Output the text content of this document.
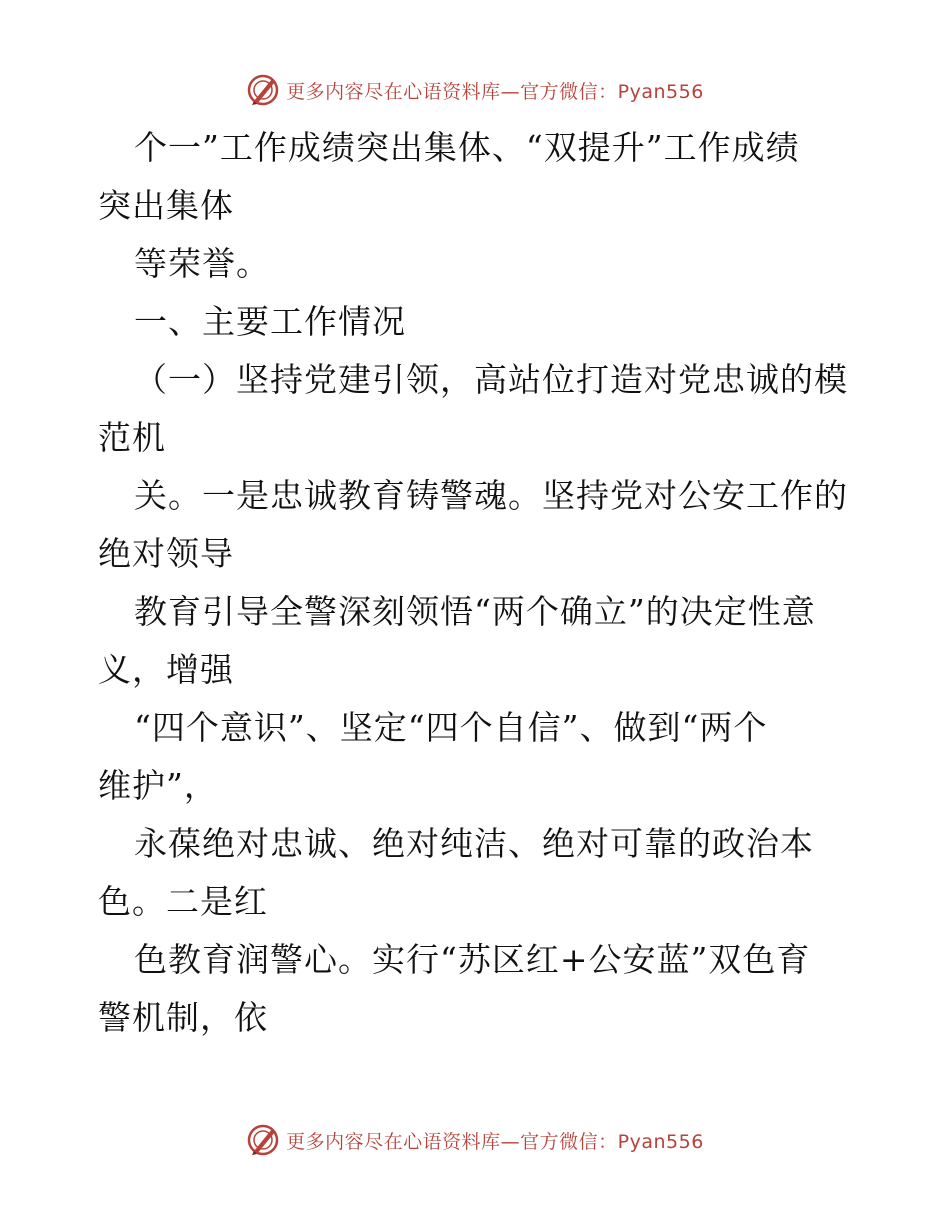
更多内容尽在心语资料库—官方微信：Pyan556
个一”工作成绩突出集体、“双提升”工作成绩
突出集体
等荣誉。
一、主要工作情况
（一）坚持党建引领，高站位打造对党忠诚的模
范机
关。一是忠诚教育铸警魂。坚持党对公安工作的
绝对领导
教育引导全警深刻领悟“两个确立”的决定性意
义，增强
“四个意识”、坚定“四个自信”、做到“两个
维护”，
永葆绝对忠诚、绝对纯洁、绝对可靠的政治本
色。二是红
色教育润警心。实行“苏区红+公安蓝”双色育
警机制，依
更多内容尽在心语资料库—官方微信：Pyan556
